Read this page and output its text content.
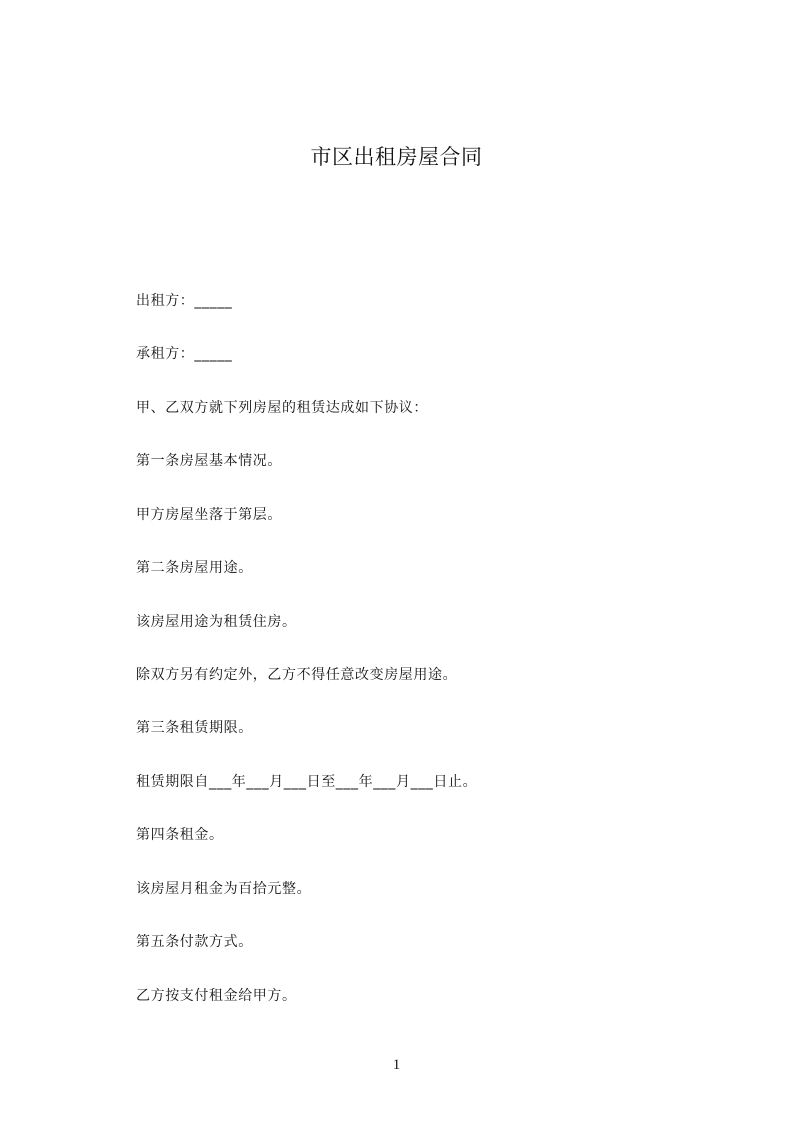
市区出租房屋合同

出租方：_____

承租方：_____

甲、乙双方就下列房屋的租赁达成如下协议：

第一条房屋基本情况。

甲方房屋坐落于第层。

第二条房屋用途。

该房屋用途为租赁住房。

除双方另有约定外，乙方不得任意改变房屋用途。

第三条租赁期限。

租赁期限自___年___月___日至___年___月___日止。

第四条租金。

该房屋月租金为百拾元整。

第五条付款方式。

乙方按支付租金给甲方。

1
